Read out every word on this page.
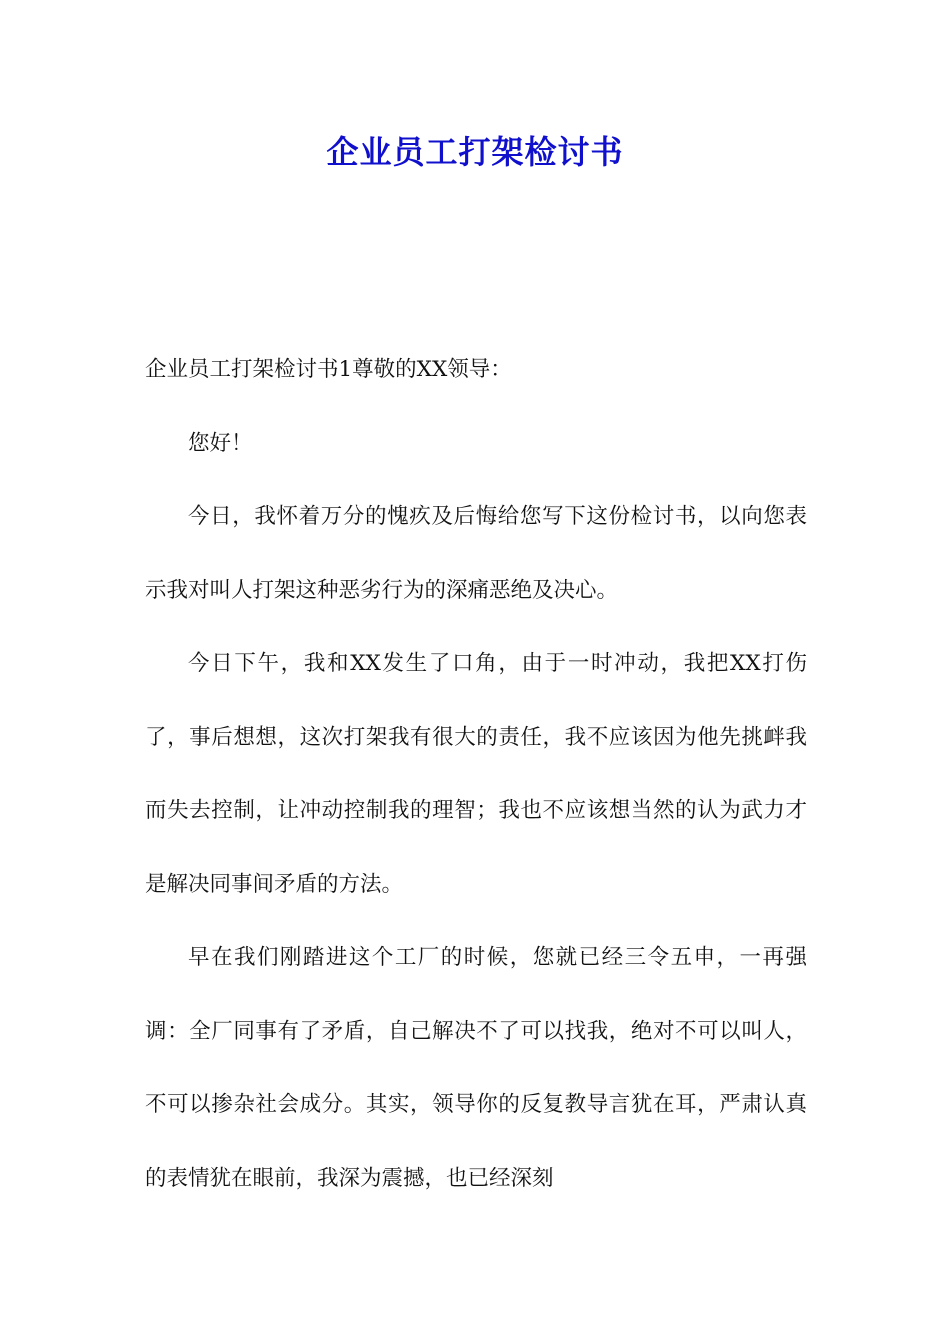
企业员工打架检讨书

企业员工打架检讨书1尊敬的XX领导：

您好！

今日，我怀着万分的愧疚及后悔给您写下这份检讨书，以向您表示我对叫人打架这种恶劣行为的深痛恶绝及决心。

今日下午，我和XX发生了口角，由于一时冲动，我把XX打伤了，事后想想，这次打架我有很大的责任，我不应该因为他先挑衅我而失去控制，让冲动控制我的理智；我也不应该想当然的认为武力才是解决同事间矛盾的方法。

早在我们刚踏进这个工厂的时候，您就已经三令五申，一再强调：全厂同事有了矛盾，自己解决不了可以找我，绝对不可以叫人，不可以掺杂社会成分。其实，领导你的反复教导言犹在耳，严肃认真的表情犹在眼前，我深为震撼，也已经深刻
